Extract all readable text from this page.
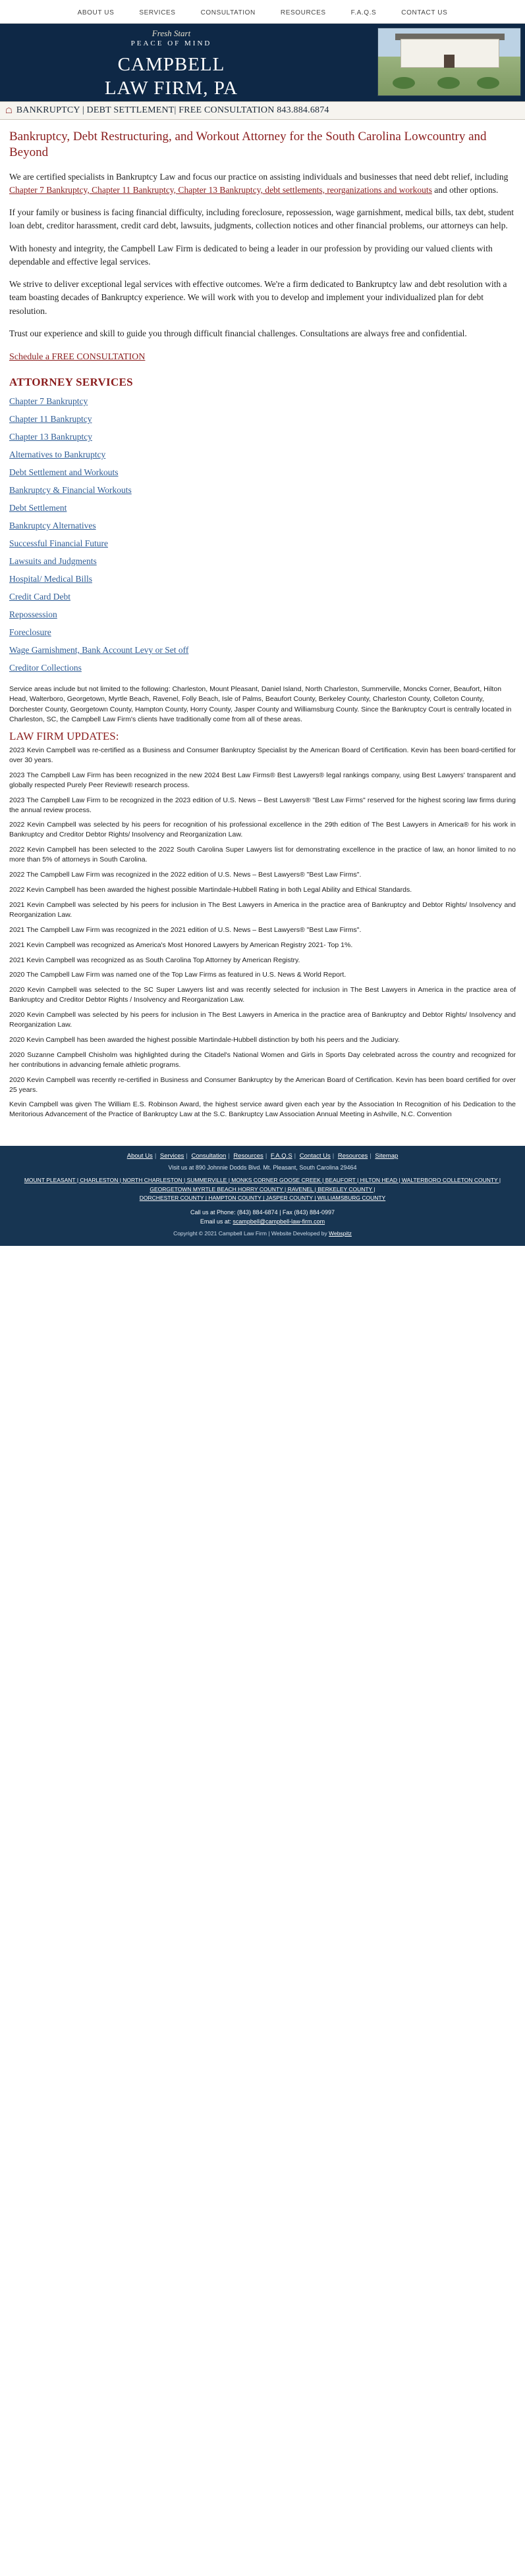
ABOUT US	SERVICES	CONSULTATION	RESOURCES	F.A.Q.S	CONTACT US
Fresh Start
PEACE OF MIND
CAMPBELL
LAW FIRM, PA
☖ BANKRUPTCY | DEBT SETTLEMENT| FREE CONSULTATION 843.884.6874
Bankruptcy, Debt Restructuring, and Workout Attorney for the South Carolina Lowcountry and Beyond

We are certified specialists in Bankruptcy Law and focus our practice on assisting individuals and businesses that need debt relief, including Chapter 7 Bankruptcy, Chapter 11 Bankruptcy, Chapter 13 Bankruptcy, debt settlements, reorganizations and workouts and other options.

If your family or business is facing financial difficulty, including foreclosure, repossession, wage garnishment, medical bills, tax debt, student loan debt, creditor harassment, credit card debt, lawsuits, judgments, collection notices and other financial problems, our attorneys can help.

With honesty and integrity, the Campbell Law Firm is dedicated to being a leader in our profession by providing our valued clients with dependable and effective legal services.

We strive to deliver exceptional legal services with effective outcomes. We're a firm dedicated to Bankruptcy law and debt resolution with a team boasting decades of Bankruptcy experience. We will work with you to develop and implement your individualized plan for debt resolution.

Trust our experience and skill to guide you through difficult financial challenges. Consultations are always free and confidential.

Schedule a FREE CONSULTATION

ATTORNEY SERVICES
Chapter 7 Bankruptcy
Chapter 11 Bankruptcy
Chapter 13 Bankruptcy
Alternatives to Bankruptcy
Debt Settlement and Workouts
Bankruptcy & Financial Workouts
Debt Settlement
Bankruptcy Alternatives
Successful Financial Future
Lawsuits and Judgments
Hospital/ Medical Bills
Credit Card Debt
Repossession
Foreclosure
Wage Garnishment, Bank Account Levy or Set off
Creditor Collections

Service areas include but not limited to the following: Charleston, Mount Pleasant, Daniel Island, North Charleston, Summerville, Moncks Corner, Beaufort, Hilton Head, Walterboro, Georgetown, Myrtle Beach, Ravenel, Folly Beach, Isle of Palms, Beaufort County, Berkeley County, Charleston County, Colleton County, Dorchester County, Georgetown County, Hampton County, Horry County, Jasper County and Williamsburg County. Since the Bankruptcy Court is centrally located in Charleston, SC, the Campbell Law Firm's clients have traditionally come from all of these areas.

LAW FIRM UPDATES:

2023 Kevin Campbell was re-certified as a Business and Consumer Bankruptcy Specialist by the American Board of Certification. Kevin has been board-certified for over 30 years.

2023 The Campbell Law Firm has been recognized in the new 2024 Best Law Firms® Best Lawyers® legal rankings company, using Best Lawyers' transparent and globally respected Purely Peer Review® research process.

2023 The Campbell Law Firm to be recognized in the 2023 edition of U.S. News – Best Lawyers® "Best Law Firms" reserved for the highest scoring law firms during the annual review process.

2022 Kevin Campbell was selected by his peers for recognition of his professional excellence in the 29th edition of The Best Lawyers in America® for his work in Bankruptcy and Creditor Debtor Rights/ Insolvency and Reorganization Law.

2022 Kevin Campbell has been selected to the 2022 South Carolina Super Lawyers list for demonstrating excellence in the practice of law, an honor limited to no more than 5% of attorneys in South Carolina.

2022 The Campbell Law Firm was recognized in the 2022 edition of U.S. News – Best Lawyers® "Best Law Firms".

2022 Kevin Campbell has been awarded the highest possible Martindale-Hubbell Rating in both Legal Ability and Ethical Standards.

2021 Kevin Campbell was selected by his peers for inclusion in The Best Lawyers in America in the practice area of Bankruptcy and Debtor Rights/ Insolvency and Reorganization Law.

2021 The Campbell Law Firm was recognized in the 2021 edition of U.S. News – Best Lawyers® "Best Law Firms".

2021 Kevin Campbell was recognized as America's Most Honored Lawyers by American Registry 2021- Top 1%.

2021 Kevin Campbell was recognized as as South Carolina Top Attorney by American Registry.

2020 The Campbell Law Firm was named one of the Top Law Firms as featured in U.S. News & World Report.

2020 Kevin Campbell was selected to the SC Super Lawyers list and was recently selected for inclusion in The Best Lawyers in America in the practice area of Bankruptcy and Creditor Debtor Rights / Insolvency and Reorganization Law.

2020 Kevin Campbell was selected by his peers for inclusion in The Best Lawyers in America in the practice area of Bankruptcy and Debtor Rights/ Insolvency and Reorganization Law.

2020 Kevin Campbell has been awarded the highest possible Martindale-Hubbell distinction by both his peers and the Judiciary.

2020 Suzanne Campbell Chisholm was highlighted during the Citadel's National Women and Girls in Sports Day celebrated across the country and recognized for her contributions in advancing female athletic programs.

2020 Kevin Campbell was recently re-certified in Business and Consumer Bankruptcy by the American Board of Certification. Kevin has been board certified for over 25 years.

Kevin Campbell was given The William E.S. Robinson Award, the highest service award given each year by the Association In Recognition of his Dedication to the Meritorious Advancement of the Practice of Bankruptcy Law at the S.C. Bankruptcy Law Association Annual Meeting in Ashville, N.C. Convention

About Us | Services | Consultation | Resources | F.A.Q.S | Contact Us | Resources | Sitemap
Visit us at 890 Johnnie Dodds Blvd. Mt. Pleasant, South Carolina 29464
MOUNT PLEASANT | CHARLESTON | NORTH CHARLESTON | SUMMERVILLE | MONKS CORNER GOOSE CREEK | BEAUFORT | HILTON HEAD | WALTERBORO COLLETON COUNTY | GEORGETOWN MYRTLE BEACH HORRY COUNTY | RAVENEL | BERKELEY COUNTY |
DORCHESTER COUNTY | HAMPTON COUNTY | JASPER COUNTY | WILLIAMSBURG COUNTY
Call us at Phone: (843) 884-6874 | Fax (843) 884-0997
Email us at: scampbell@campbell-law-firm.com
Copyright © 2021 Campbell Law Firm | Website Developed by Webspitz
